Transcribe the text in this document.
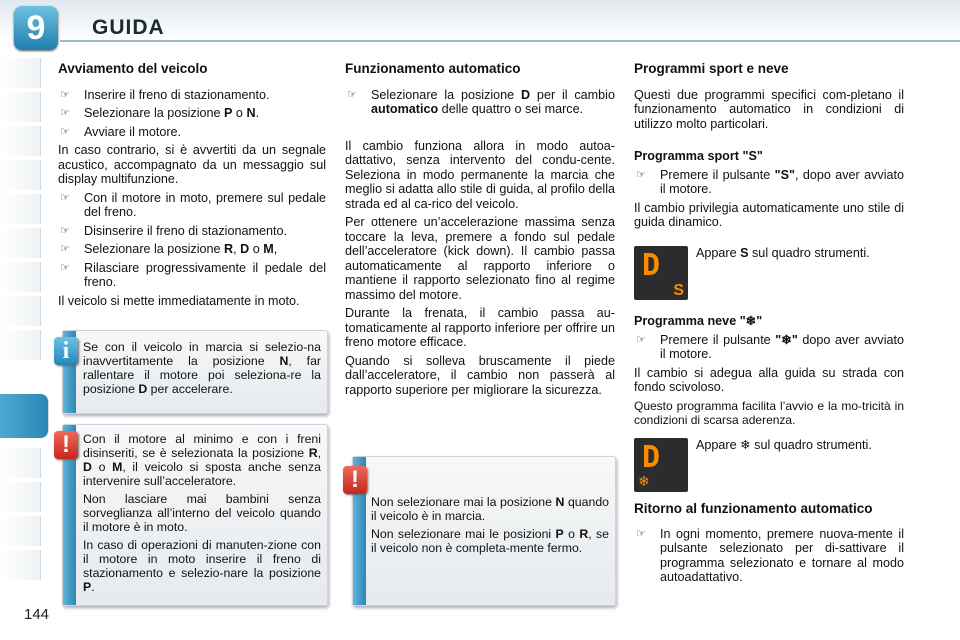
9	GUIDA
Avviamento del veicolo
☞	Inserire il freno di stazionamento.
☞	Selezionare la posizione P o N.
☞	Avviare il motore.

In caso contrario, si è avvertiti da un segnale acustico, accompagnato da un messaggio sul display multifunzione.

☞	Con il motore in moto, premere sul pedale del freno.
☞	Disinserire il freno di stazionamento.
☞	Selezionare la posizione R, D o M,
☞	Rilasciare progressivamente il pedale del freno.

Il veicolo si mette immediatamente in moto.

Se con il veicolo in marcia si selezio-na inavvertitamente la posizione N, far rallentare il motore poi seleziona-re la posizione D per accelerare.
i

Con il motore al minimo e con i freni disinseriti, se è selezionata la posizione R, D o M, il veicolo si sposta anche senza intervenire sull’acceleratore.

Non lasciare mai bambini senza sorveglianza all’interno del veicolo quando il motore è in moto.

In caso di operazioni di manuten-zione con il motore in moto inserire il freno di stazionamento e selezio-nare la posizione P.

!
Funzionamento automatico
☞	Selezionare la posizione D per il cambio automatico delle quattro o sei marce.

Il cambio funziona allora in modo autoa-dattativo, senza intervento del condu-cente. Seleziona in modo permanente la marcia che meglio si adatta allo stile di guida, al profilo della strada ed al ca-rico del veicolo.

Per ottenere un’accelerazione massima senza toccare la leva, premere a fondo sul pedale dell’acceleratore (kick down). Il cambio passa automaticamente al rapporto inferiore o mantiene il rapporto selezionato fino al regime massimo del motore.

Durante la frenata, il cambio passa au-tomaticamente al rapporto inferiore per offrire un freno motore efficace.

Quando si solleva bruscamente il piede dall’acceleratore, il cambio non passerà al rapporto superiore per migliorare la sicurezza.

Non selezionare mai la posizione N quando il veicolo è in marcia.

Non selezionare mai le posizioni P o R, se il veicolo non è completa-mente fermo.

!
Programmi sport e neve

Questi due programmi specifici com-pletano il funzionamento automatico in condizioni di utilizzo molto particolari.

Programma sport "S"
☞	Premere il pulsante "S", dopo aver avviato il motore.

Il cambio privilegia automaticamente uno stile di guida dinamico.

D
S
Appare S sul quadro strumenti.
Programma neve "❄"
☞	Premere il pulsante "❄" dopo aver avviato il motore.

Il cambio si adegua alla guida su strada con fondo scivoloso.

Questo programma facilita l’avvio e la mo-tricità in condizioni di scarsa aderenza.

D
❄
Appare ❄ sul quadro strumenti.
Ritorno al funzionamento automatico
☞	In ogni momento, premere nuova-mente il pulsante selezionato per di-sattivare il programma selezionato e tornare al modo autoadattativo.
144
